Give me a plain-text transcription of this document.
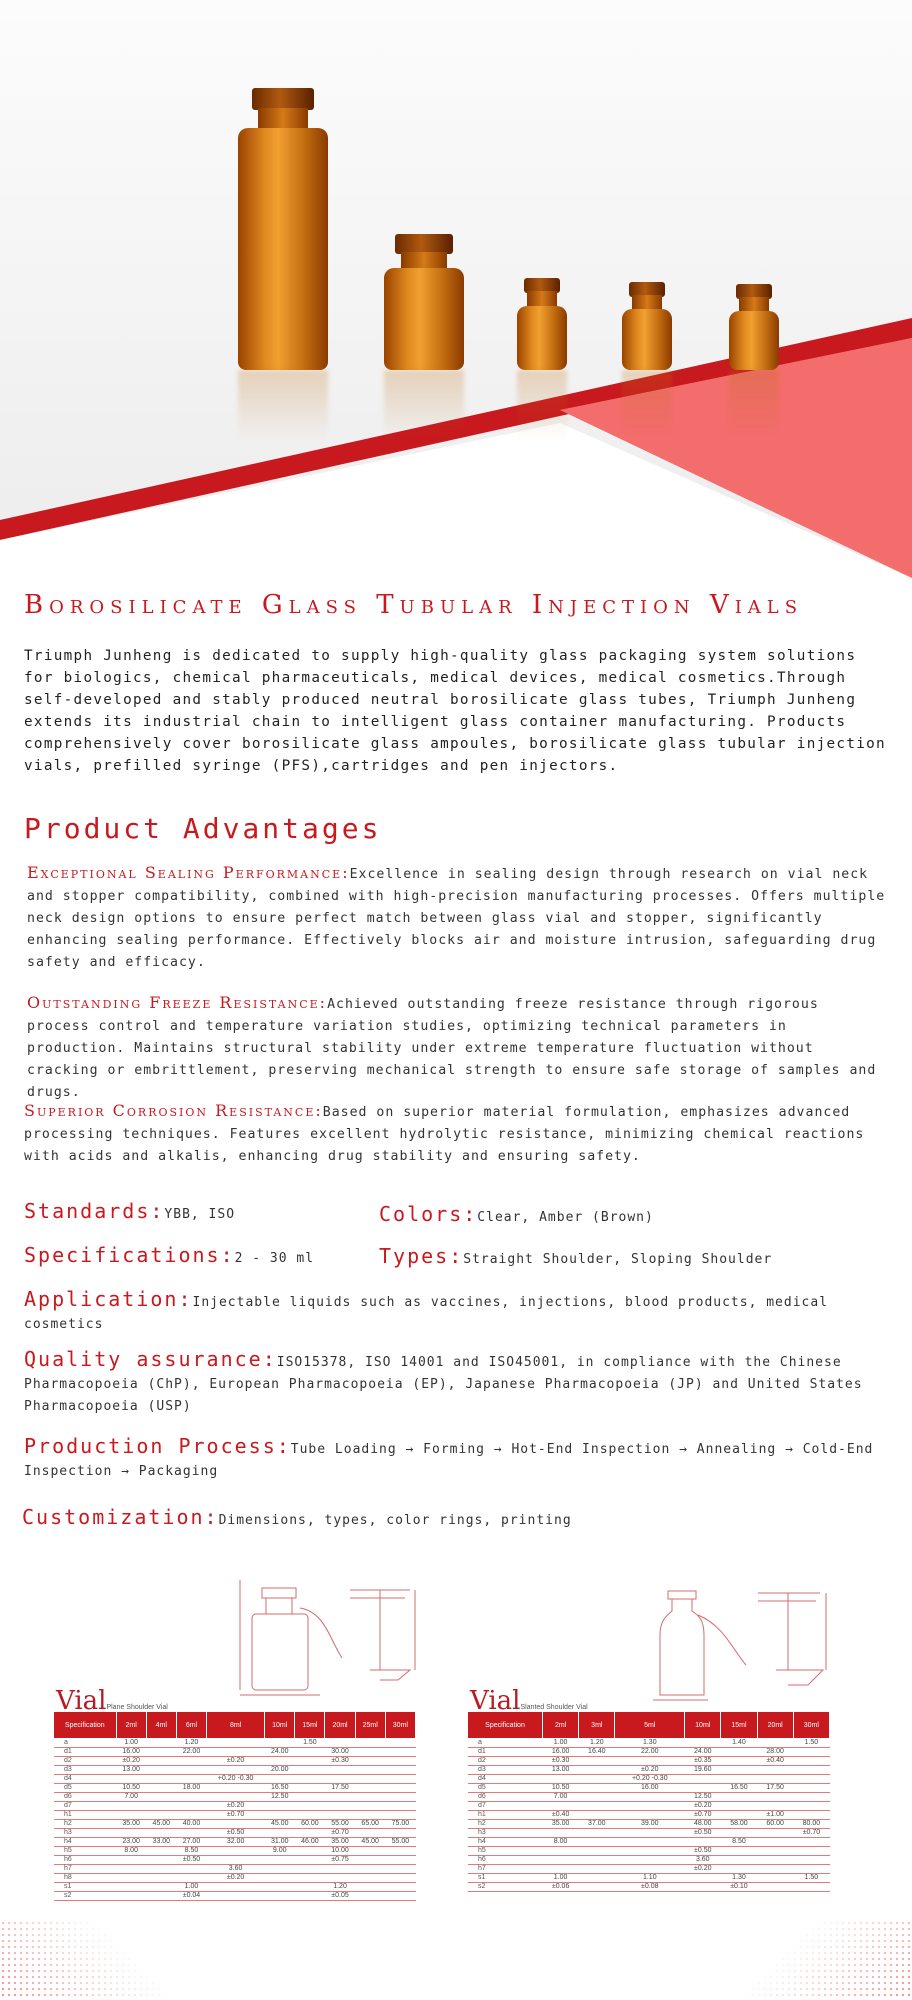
Borosilicate Glass Tubular Injection Vials
Triumph Junheng is dedicated to supply high-quality glass packaging system solutions for biologics, chemical pharmaceuticals, medical devices, medical cosmetics.Through self-developed and stably produced neutral borosilicate glass tubes, Triumph Junheng extends its industrial chain to intelligent glass container manufacturing. Products comprehensively cover borosilicate glass ampoules, borosilicate glass tubular injection vials, prefilled syringe (PFS),cartridges and pen injectors.
Product Advantages
Exceptional Sealing Performance:Excellence in sealing design through research on vial neck and stopper compatibility, combined with high-precision manufacturing processes. Offers multiple neck design options to ensure perfect match between glass vial and stopper, significantly enhancing sealing performance. Effectively blocks air and moisture intrusion, safeguarding drug safety and efficacy.
Outstanding Freeze Resistance:Achieved outstanding freeze resistance through rigorous process control and temperature variation studies, optimizing technical parameters in production. Maintains structural stability under extreme temperature fluctuation without cracking or embrittlement, preserving mechanical strength to ensure safe storage of samples and drugs.
Superior Corrosion Resistance:Based on superior material formulation, emphasizes advanced processing techniques. Features excellent hydrolytic resistance, minimizing chemical reactions with acids and alkalis, enhancing drug stability and ensuring safety.
Standards:YBB, ISO	Colors:Clear, Amber (Brown)
Specifications:2 - 30 ml	Types:Straight Shoulder, Sloping Shoulder
Application:Injectable liquids such as vaccines, injections, blood products, medical cosmetics
Quality assurance:ISO15378, ISO 14001 and ISO45001, in compliance with the Chinese Pharmacopoeia (ChP), European Pharmacopoeia (EP), Japanese Pharmacopoeia (JP) and United States Pharmacopoeia (USP)
Production Process:Tube Loading → Forming → Hot-End Inspection → Annealing → Cold-End Inspection → Packaging
Customization:Dimensions, types, color rings, printing
VialPlane Shoulder Vial
Specification	2ml	4ml	6ml	8ml	10ml	15ml	20ml	25ml	30ml
a	1.00		1.20			1.50			
d1	16.00		22.00		24.00		30.00		
d2	±0.20			±0.20			±0.30		
d3	13.00				20.00				
d4				+0.20 -0.30					
d5	10.50		18.00		16.50		17.50		
d6	7.00				12.50				
d7				±0.20					
h1				±0.70					
h2	35.00	45.00	40.00		45.00	60.00	55.00	65.00	75.00
h3				±0.50			±0.70		
h4	23.00	33.00	27.00	32.00	31.00	46.00	35.00	45.00	55.00
h5	8.00		8.50		9.00		10.00		
h6			±0.50				±0.75		
h7				3.60					
h8				±0.20					
s1			1.00				1.20		
s2			±0.04				±0.05		
VialSlanted Shoulder Vial
Specification	2ml	3ml	5ml	10ml	15ml	20ml	30ml
a	1.00	1.20	1.30		1.40		1.50
d1	16.00	16.40	22.00	24.00		28.00	
d2	±0.30			±0.35		±0.40	
d3	13.00		±0.20	19.60			
d4			+0.20 -0.30				
d5	10.50		16.00		16.50	17.50	
d6	7.00			12.50			
d7				±0.20			
h1	±0.40			±0.70		±1.00	
h2	35.00	37.00	39.00	48.00	58.00	60.00	80.00
h3				±0.50			±0.70
h4	8.00				8.50		
h5				±0.50			
h6				3.60			
h7				±0.20			
s1	1.00		1.10		1.30		1.50
s2	±0.06		±0.08		±0.10		
